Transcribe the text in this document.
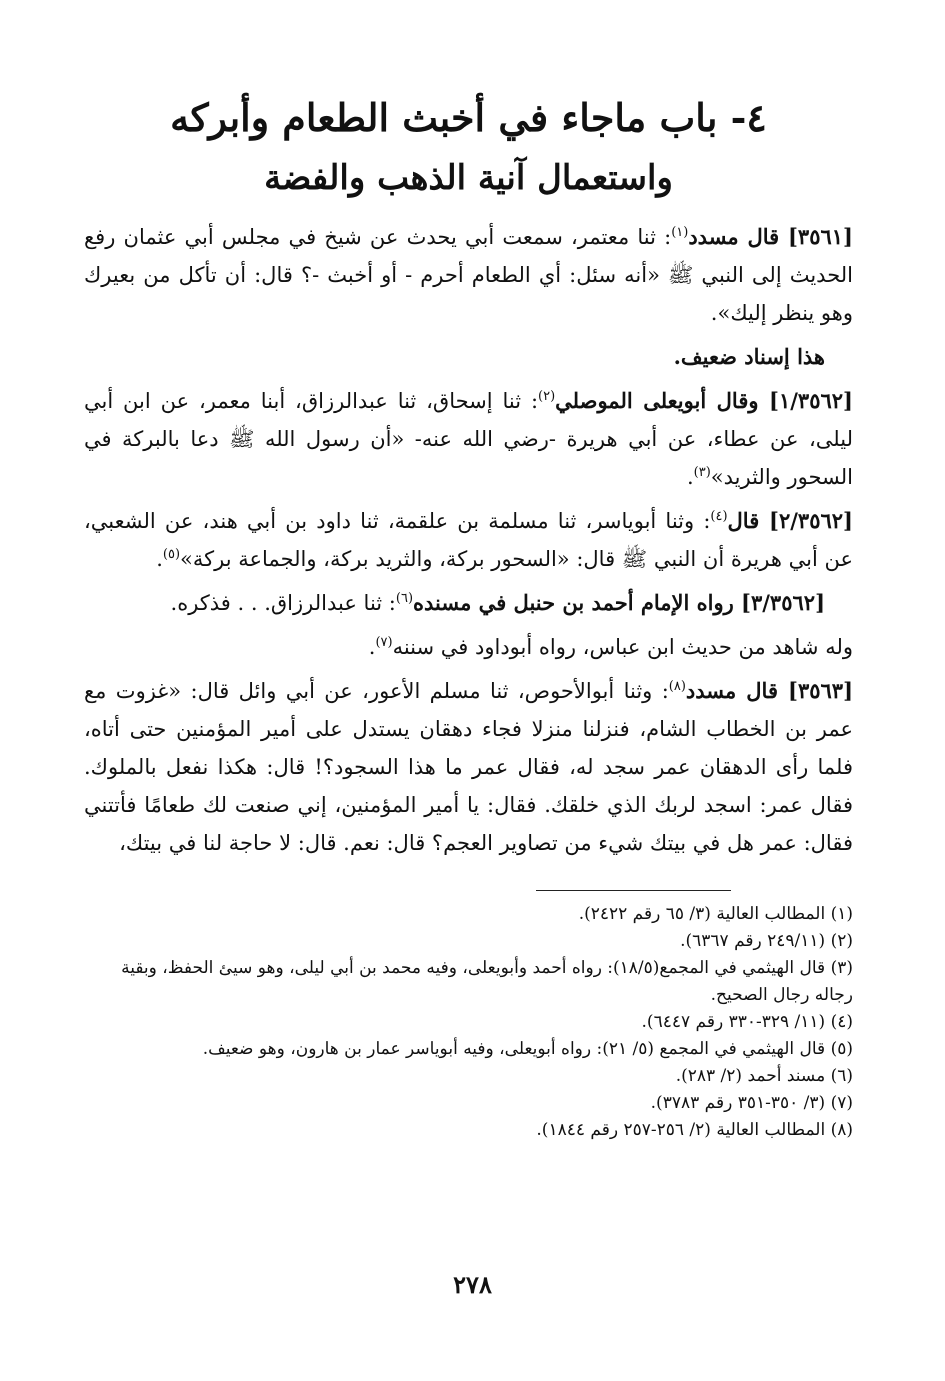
٤- باب ماجاء في أخبث الطعام وأبركه
واستعمال آنية الذهب والفضة

[٣٥٦١] قال مسدد$^{(١)}$: ثنا معتمر، سمعت أبي يحدث عن شيخ في مجلس أبي عثمان رفع الحديث إلى النبي ﷺ «أنه سئل: أي الطعام أحرم - أو أخبث -؟ قال: أن تأكل من بعيرك وهو ينظر إليك».

هذا إسناد ضعيف.

[١/٣٥٦٢] وقال أبويعلى الموصلي$^{(٢)}$: ثنا إسحاق، ثنا عبدالرزاق، أبنا معمر، عن ابن أبي ليلى، عن عطاء، عن أبي هريرة -رضي الله عنه- «أن رسول الله ﷺ دعا بالبركة في السحور والثريد»$^{(٣)}$.

[٢/٣٥٦٢] قال$^{(٤)}$: وثنا أبوياسر، ثنا مسلمة بن علقمة، ثنا داود بن أبي هند، عن الشعبي، عن أبي هريرة أن النبي ﷺ قال: «السحور بركة، والثريد بركة، والجماعة بركة»$^{(٥)}$.

[٣/٣٥٦٢] رواه الإمام أحمد بن حنبل في مسنده$^{(٦)}$: ثنا عبدالرزاق. . . فذكره.

وله شاهد من حديث ابن عباس، رواه أبوداود في سننه$^{(٧)}$.

[٣٥٦٣] قال مسدد$^{(٨)}$: وثنا أبوالأحوص، ثنا مسلم الأعور، عن أبي وائل قال: «غزوت مع عمر بن الخطاب الشام، فنزلنا منزلا فجاء دهقان يستدل على أمير المؤمنين حتى أتاه، فلما رأى الدهقان عمر سجد له، فقال عمر ما هذا السجود؟! قال: هكذا نفعل بالملوك. فقال عمر: اسجد لربك الذي خلقك. فقال: يا أمير المؤمنين، إني صنعت لك طعامًا فأتتني فقال: عمر هل في بيتك شيء من تصاوير العجم؟ قال: نعم. قال: لا حاجة لنا في بيتك،

(١) المطالب العالية (٣/ ٦٥ رقم ٢٤٢٢).
(٢) (٢٤٩/١١ رقم ٦٣٦٧).
(٣) قال الهيثمي في المجمع(١٨/٥): رواه أحمد وأبويعلى، وفيه محمد بن أبي ليلى، وهو سيئ الحفظ، وبقية رجاله رجال الصحيح.
(٤) (١١/ ٣٢٩-٣٣٠ رقم ٦٤٤٧).
(٥) قال الهيثمي في المجمع (٥/ ٢١): رواه أبويعلى، وفيه أبوياسر عمار بن هارون، وهو ضعيف.
(٦) مسند أحمد (٢/ ٢٨٣).
(٧) (٣/ ٣٥٠-٣٥١ رقم ٣٧٨٣).
(٨) المطالب العالية (٢/ ٢٥٦-٢٥٧ رقم ١٨٤٤).
٢٧٨
